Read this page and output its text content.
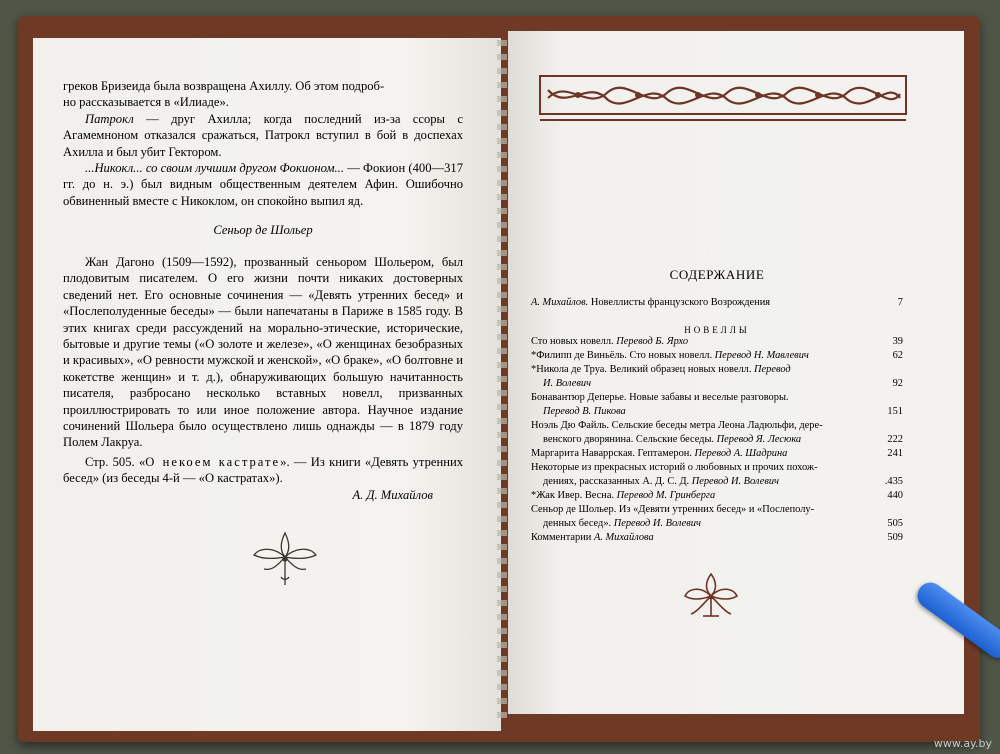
греков Бризеида была возвращена Ахиллу. Об этом подроб-

но рассказывается в «Илиаде».

Патрокл — друг Ахилла; когда последний из-за ссоры с Агамемноном отказался сражаться, Патрокл вступил в бой в доспехах Ахилла и был убит Гектором.

...Никокл... со своим лучшим другом Фокионом... — Фокион (400—317 гг. до н. э.) был видным общественным деятелем Афин. Ошибочно обвиненный вместе с Никоклом, он спокойно выпил яд.

Сеньор де Шольер

Жан Дагоно (1509—1592), прозванный сеньором Шольером, был плодовитым писателем. О его жизни почти никаких достоверных сведений нет. Его основные сочинения — «Девять утренних бесед» и «Послеполуденные беседы» — были напечатаны в Париже в 1585 году. В этих книгах среди рассуждений на морально-этические, исторические, бытовые и другие темы («О золоте и железе», «О женщинах безобразных и красивых», «О ревности мужской и женской», «О браке», «О болтовне и кокетстве женщин» и т. д.), обнаруживающих большую начитанность писателя, разбросано несколько вставных новелл, призванных проиллюстрировать то или иное положение автора. Научное издание сочинений Шольера было осуществлено лишь однажды — в 1879 году Полем Лакруа.

Стр. 505. «О некоем кастрате». — Из книги «Девять утренних бесед» (из беседы 4-й — «О кастратах»).

А. Д. Михайлов

СОДЕРЖАНИЕ
А. Михайлов. Новеллисты французского Возрождения	7
НОВЕЛЛЫ
Сто новых новелл. Перевод Б. Ярхо	39
*Филипп де Виньёль. Сто новых новелл. Перевод Н. Мавлевич	62
*Никола де Труа. Великий образец новых новелл. Перевод
И. Волевич	92
Бонавантюр Деперье. Новые забавы и веселые разговоры.
Перевод В. Пикова	151
Ноэль Дю Файль. Сельские беседы метра Леона Ладюльфи, дере-
венского дворянина. Сельские беседы. Перевод Я. Лесюка	222
Маргарита Наваррская. Гептамерон. Перевод А. Шадрина	241
Некоторые из прекрасных историй о любовных и прочих похож-
дениях, рассказанных А. Д. С. Д. Перевод И. Волевич	.435
*Жак Ивер. Весна. Перевод М. Гринберга	440
Сеньор де Шольер. Из «Девяти утренних бесед» и «Послеполу-
денных бесед». Перевод И. Волевич	505
Комментарии А. Михайлова	509
www.ay.by
